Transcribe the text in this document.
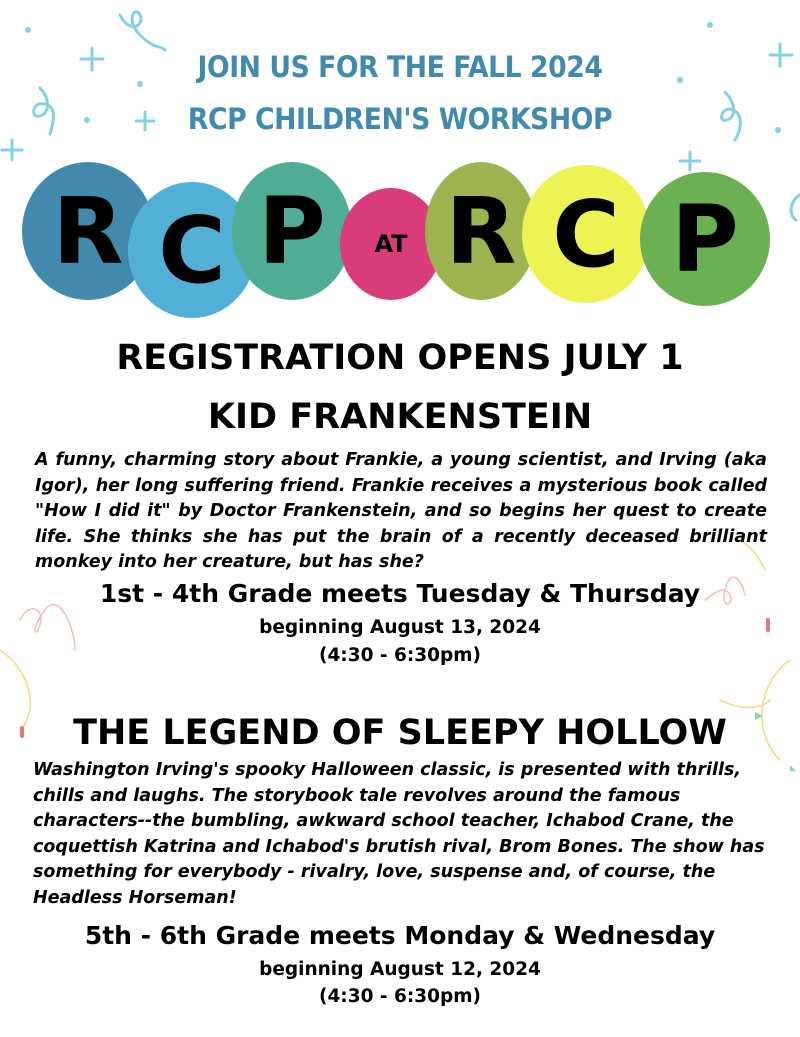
JOIN US FOR THE FALL 2024
RCP CHILDREN'S WORKSHOP
R C P AT R C P
REGISTRATION OPENS JULY 1
KID FRANKENSTEIN
A funny, charming story about Frankie, a young scientist, and Irving (aka Igor), her long suffering friend. Frankie receives a mysterious book called "How I did it" by Doctor Frankenstein, and so begins her quest to create life. She thinks she has put the brain of a recently deceased brilliant monkey into her creature, but has she?
1st - 4th Grade meets Tuesday & Thursday
beginning August 13, 2024
(4:30 - 6:30pm)
THE LEGEND OF SLEEPY HOLLOW
Washington Irving's spooky Halloween classic, is presented with thrills, chills and laughs. The storybook tale revolves around the famous characters--the bumbling, awkward school teacher, Ichabod Crane, the coquettish Katrina and Ichabod's brutish rival, Brom Bones. The show has something for everybody - rivalry, love, suspense and, of course, the Headless Horseman!
5th - 6th Grade meets Monday & Wednesday
beginning August 12, 2024
(4:30 - 6:30pm)
